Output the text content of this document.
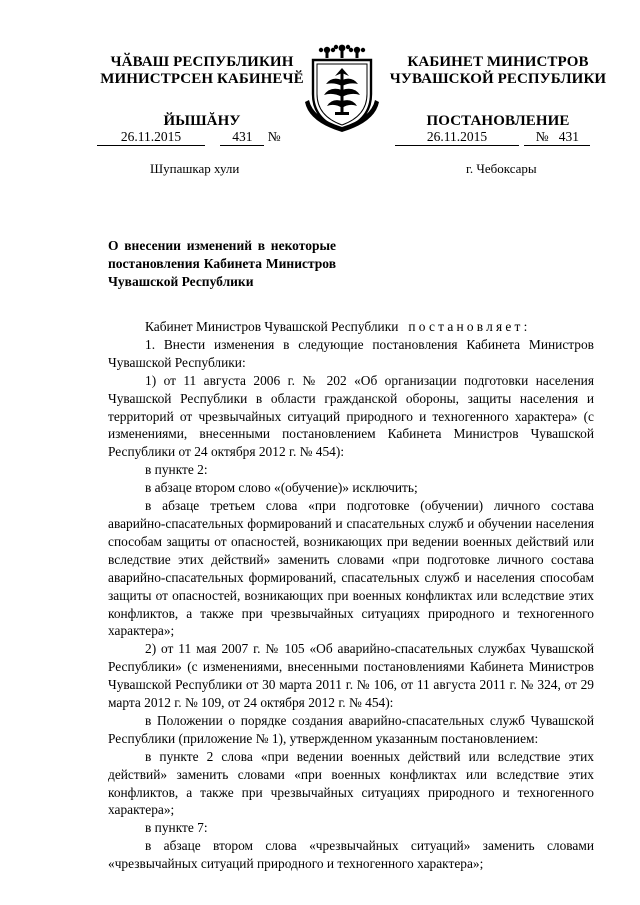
ЧӐВАШ РЕСПУБЛИКИН
МИНИСТРСЕН КАБИНЕЧӖ
ЙЫШĂНУ
КАБИНЕТ МИНИСТРОВ
ЧУВАШСКОЙ РЕСПУБЛИКИ
ПОСТАНОВЛЕНИЕ
26.11.2015	431 №	26.11.2015	№ 431
Шупашкар хули	г. Чебоксары
О внесении изменений в некоторые постановления Кабинета Министров Чувашской Республики

Кабинет Министров Чувашской Республики постановляет:

1. Внести изменения в следующие постановления Кабинета Министров Чувашской Республики:

1) от 11 августа 2006 г. № 202 «Об организации подготовки населения Чувашской Республики в области гражданской обороны, защиты населения и территорий от чрезвычайных ситуаций природного и техногенного характера» (с изменениями, внесенными постановлением Кабинета Министров Чувашской Республики от 24 октября 2012 г. № 454):

в пункте 2:

в абзаце втором слово «(обучение)» исключить;

в абзаце третьем слова «при подготовке (обучении) личного состава аварийно-спасательных формирований и спасательных служб и обучении населения способам защиты от опасностей, возникающих при ведении военных действий или вследствие этих действий» заменить словами «при подготовке личного состава аварийно-спасательных формирований, спасательных служб и населения способам защиты от опасностей, возникающих при военных конфликтах или вследствие этих конфликтов, а также при чрезвычайных ситуациях природного и техногенного характера»;

2) от 11 мая 2007 г. № 105 «Об аварийно-спасательных службах Чувашской Республики» (с изменениями, внесенными постановлениями Кабинета Министров Чувашской Республики от 30 марта 2011 г. № 106, от 11 августа 2011 г. № 324, от 29 марта 2012 г. № 109, от 24 октября 2012 г. № 454):

в Положении о порядке создания аварийно-спасательных служб Чувашской Республики (приложение № 1), утвержденном указанным постановлением:

в пункте 2 слова «при ведении военных действий или вследствие этих действий» заменить словами «при военных конфликтах или вследствие этих конфликтов, а также при чрезвычайных ситуациях природного и техногенного характера»;

в пункте 7:

в абзаце втором слова «чрезвычайных ситуаций» заменить словами «чрезвычайных ситуаций природного и техногенного характера»;
